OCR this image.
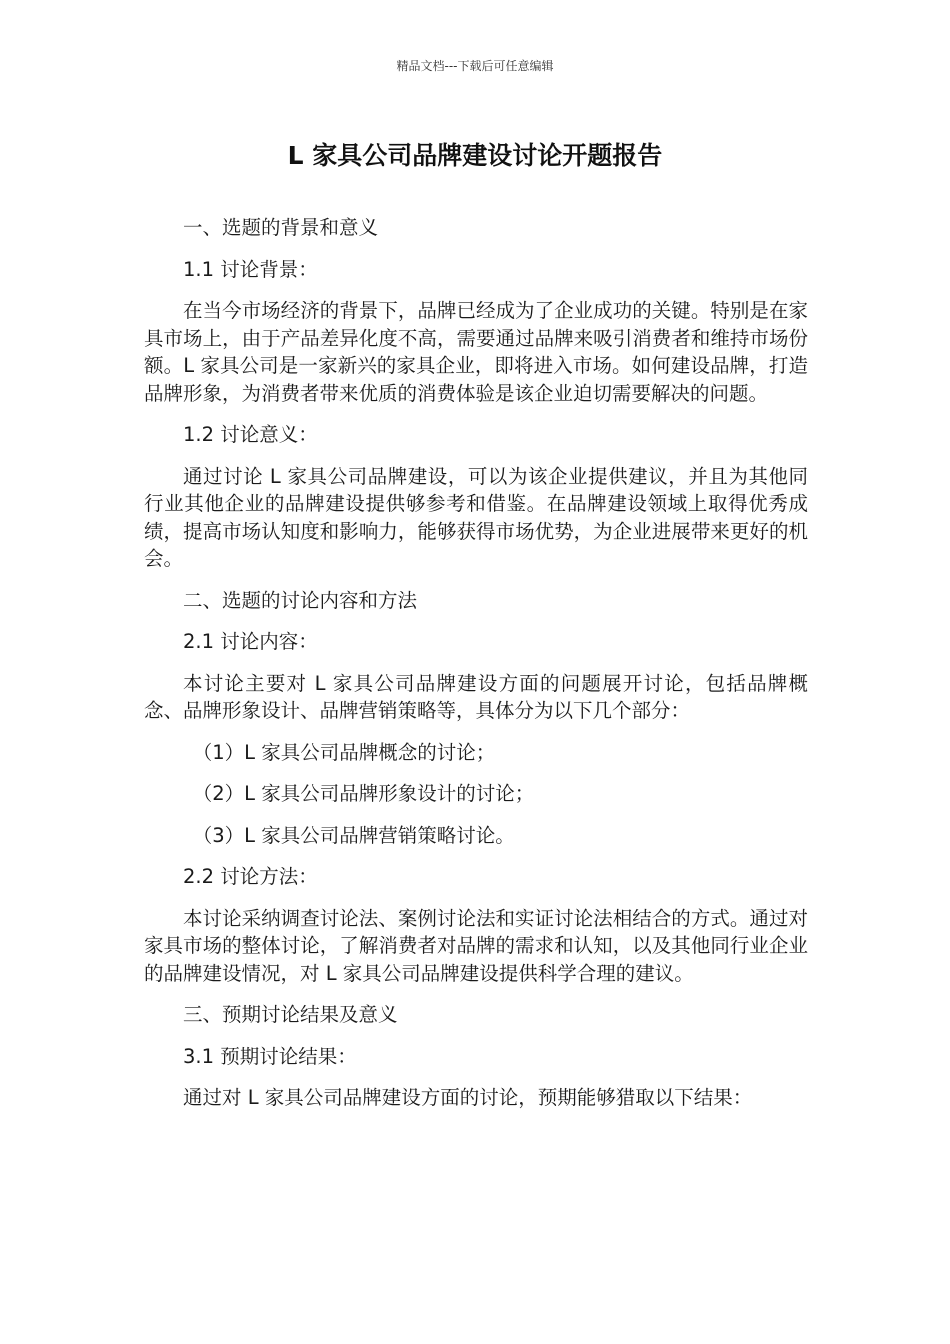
精品文档---下载后可任意编辑

L 家具公司品牌建设讨论开题报告

一、选题的背景和意义

1.1 讨论背景：

在当今市场经济的背景下，品牌已经成为了企业成功的关键。特别是在家具市场上，由于产品差异化度不高，需要通过品牌来吸引消费者和维持市场份额。L 家具公司是一家新兴的家具企业，即将进入市场。如何建设品牌，打造品牌形象，为消费者带来优质的消费体验是该企业迫切需要解决的问题。

1.2 讨论意义：

通过讨论 L 家具公司品牌建设，可以为该企业提供建议，并且为其他同行业其他企业的品牌建设提供够参考和借鉴。在品牌建设领域上取得优秀成绩，提高市场认知度和影响力，能够获得市场优势，为企业进展带来更好的机会。

二、选题的讨论内容和方法

2.1 讨论内容：

本讨论主要对 L 家具公司品牌建设方面的问题展开讨论，包括品牌概念、品牌形象设计、品牌营销策略等，具体分为以下几个部分：

（1）L 家具公司品牌概念的讨论；

（2）L 家具公司品牌形象设计的讨论；

（3）L 家具公司品牌营销策略讨论。

2.2 讨论方法：

本讨论采纳调查讨论法、案例讨论法和实证讨论法相结合的方式。通过对家具市场的整体讨论，了解消费者对品牌的需求和认知，以及其他同行业企业的品牌建设情况，对 L 家具公司品牌建设提供科学合理的建议。

三、预期讨论结果及意义

3.1 预期讨论结果：

通过对 L 家具公司品牌建设方面的讨论，预期能够猎取以下结果：
